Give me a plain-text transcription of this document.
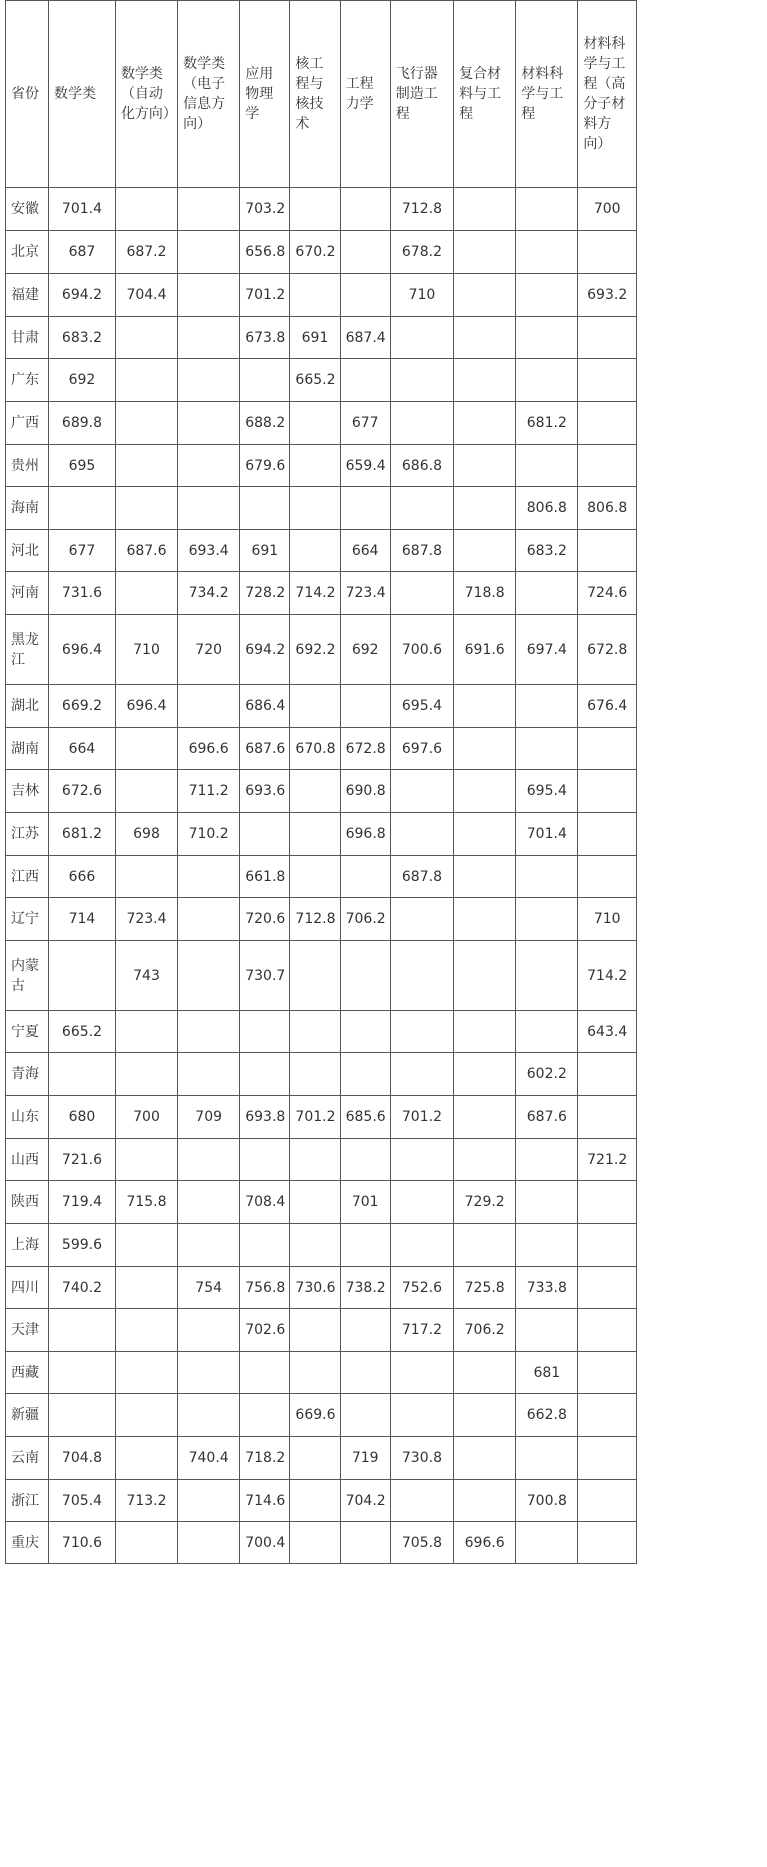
省份	数学类	数学类（自动化方向）	数学类（电子信息方向）	应用物理学	核工程与核技术	工程力学	飞行器制造工程	复合材料与工程	材料科学与工程	材料科学与工程（高分子材料方向）
安徽	701.4			703.2			712.8			700
北京	687	687.2		656.8	670.2		678.2			
福建	694.2	704.4		701.2			710			693.2
甘肃	683.2			673.8	691	687.4				
广东	692				665.2					
广西	689.8			688.2		677			681.2	
贵州	695			679.6		659.4	686.8			
海南									806.8	806.8
河北	677	687.6	693.4	691		664	687.8		683.2	
河南	731.6		734.2	728.2	714.2	723.4		718.8		724.6
黑龙江	696.4	710	720	694.2	692.2	692	700.6	691.6	697.4	672.8
湖北	669.2	696.4		686.4			695.4			676.4
湖南	664		696.6	687.6	670.8	672.8	697.6			
吉林	672.6		711.2	693.6		690.8			695.4	
江苏	681.2	698	710.2			696.8			701.4	
江西	666			661.8			687.8			
辽宁	714	723.4		720.6	712.8	706.2				710
内蒙古		743		730.7						714.2
宁夏	665.2									643.4
青海									602.2	
山东	680	700	709	693.8	701.2	685.6	701.2		687.6	
山西	721.6									721.2
陕西	719.4	715.8		708.4		701		729.2		
上海	599.6									
四川	740.2		754	756.8	730.6	738.2	752.6	725.8	733.8	
天津				702.6			717.2	706.2		
西藏									681	
新疆					669.6				662.8	
云南	704.8		740.4	718.2		719	730.8			
浙江	705.4	713.2		714.6		704.2			700.8	
重庆	710.6			700.4			705.8	696.6		
